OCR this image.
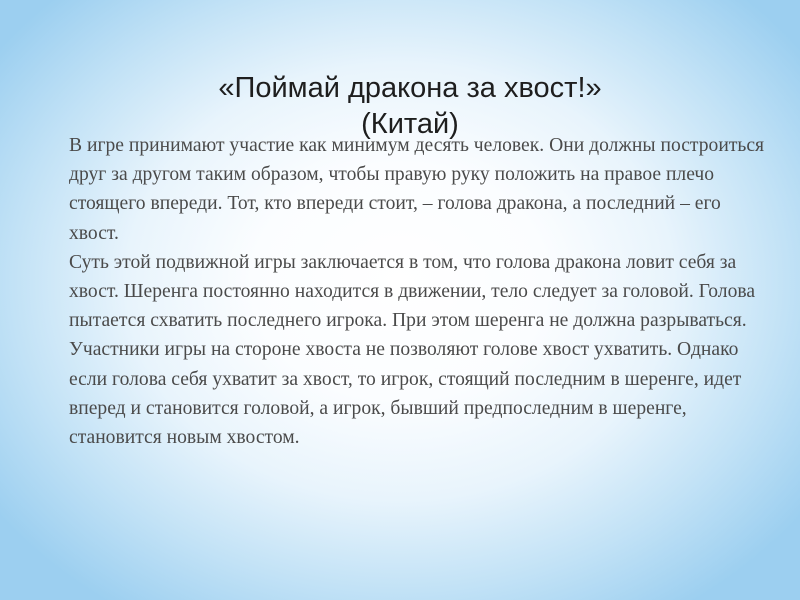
«Поймай дракона за хвост!»
(Китай)

В игре принимают участие как минимум десять человек. Они должны построиться друг за другом таким образом, чтобы правую руку положить на правое плечо стоящего впереди. Тот, кто впереди стоит, – голова дракона, а последний – его хвост.

Суть этой подвижной игры заключается в том, что голова дракона ловит себя за хвост. Шеренга постоянно находится в движении, тело следует за головой. Голова пытается схватить последнего игрока. При этом шеренга не должна разрываться. Участники игры на стороне хвоста не позволяют голове хвост ухватить. Однако если голова себя ухватит за хвост, то игрок, стоящий последним в шеренге, идет вперед и становится головой, а игрок, бывший предпоследним в шеренге, становится новым хвостом.
